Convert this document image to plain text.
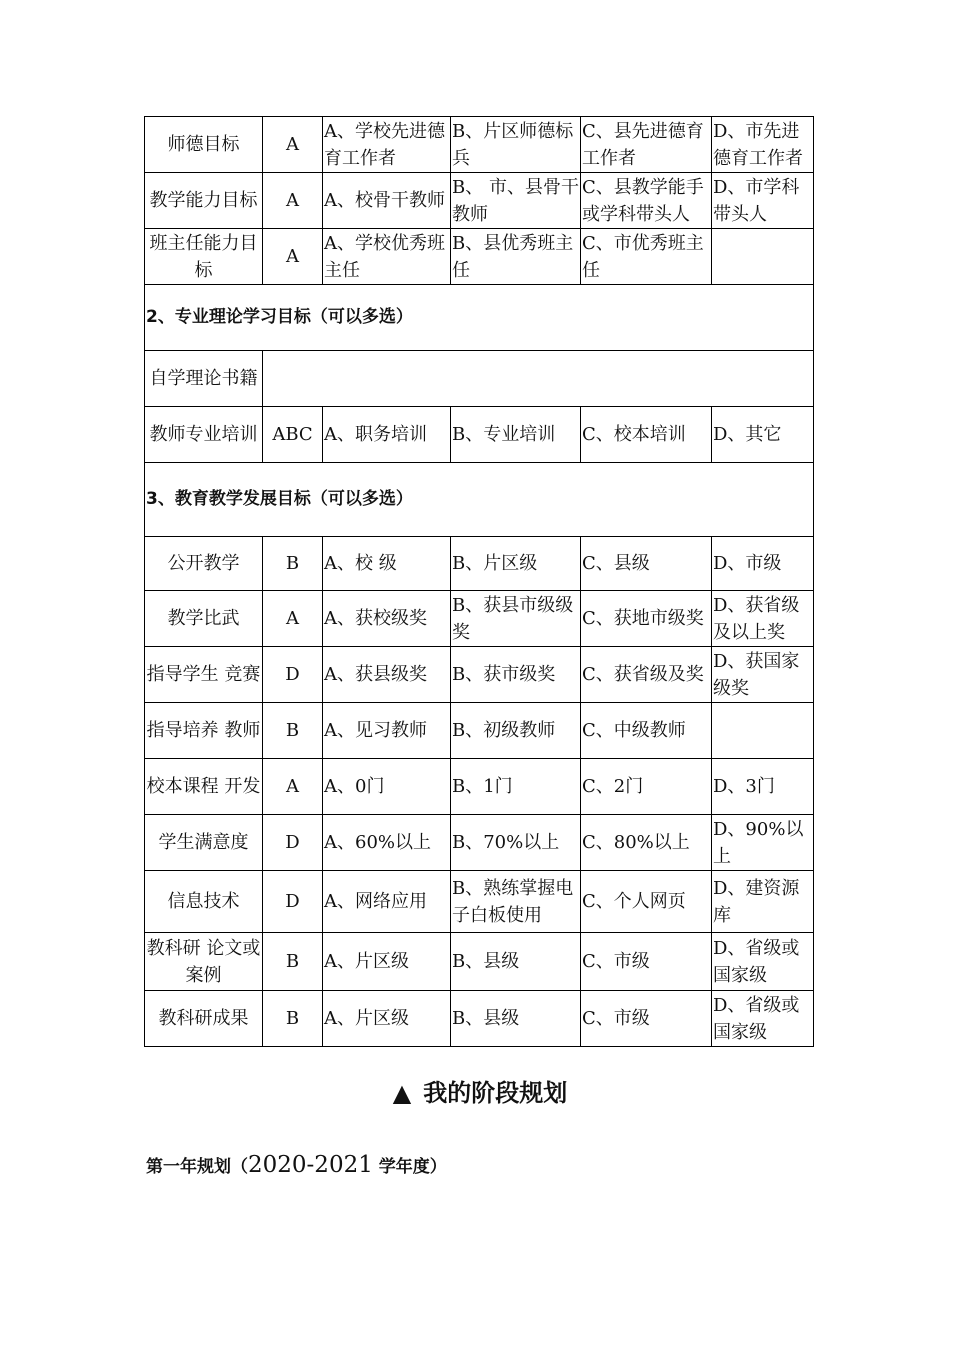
师德目标	A	A、学校先进德育工作者	B、片区师德标兵	C、县先进德育工作者	D、市先进德育工作者
教学能力目标	A	A、校骨干教师	B、 市、县骨干教师	C、县教学能手或学科带头人	D、市学科带头人
班主任能力目标	A	A、学校优秀班主任	B、县优秀班主任	C、市优秀班主任	
2、专业理论学习目标（可以多选）					
自学理论书籍					
教师专业培训	ABC	A、职务培训	B、专业培训	C、校本培训	D、其它
3、教育教学发展目标（可以多选）					
公开教学	B	A、校 级	B、片区级	C、县级	D、市级
教学比武	A	A、获校级奖	B、获县市级级奖	C、获地市级奖	D、获省级及以上奖
指导学生 竞赛	D	A、获县级奖	B、获市级奖	C、获省级及奖	D、获国家级奖
指导培养 教师	B	A、见习教师	B、初级教师	C、中级教师	
校本课程 开发	A	A、0门	B、1门	C、2门	D、3门
学生满意度	D	A、60%以上	B、70%以上	C、80%以上	D、90%以上
信息技术	D	A、网络应用	B、熟练掌握电子白板使用	C、个人网页	D、建资源库
教科研 论文或案例	B	A、片区级	B、县级	C、市级	D、省级或国家级
教科研成果	B	A、片区级	B、县级	C、市级	D、省级或国家级
▲ 我的阶段规划
第一年规划（2020-2021 学年度）
